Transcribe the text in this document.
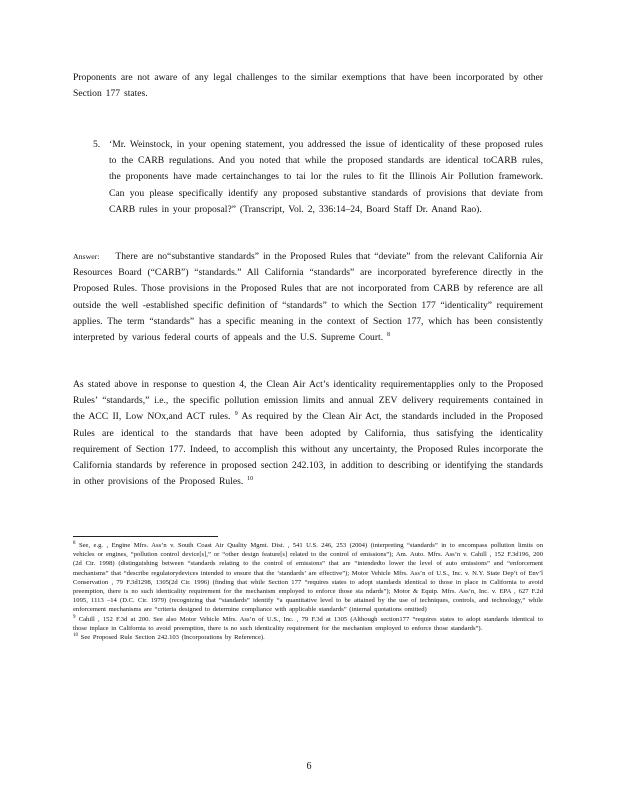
Proponents are not aware of any legal challenges to the similar exemptions that have been incorporated by other Section 177 states.

5. ‘Mr. Weinstock, in your opening statement, you addressed the issue of identicality of these proposed rules to the CARB regulations. And you noted that while the proposed standards are identical toCARB rules, the proponents have made certainchanges to tai lor the rules to fit the Illinois Air Pollution framework. Can you please specifically identify any proposed substantive standards of provisions that deviate from CARB rules in your proposal?” (Transcript, Vol. 2, 336:14–24, Board Staff Dr. Anand Rao).

Answer: There are no“substantive standards” in the Proposed Rules that “deviate” from the relevant California Air Resources Board (“CARB”) “standards.” All California “standards” are incorporated byreference directly in the Proposed Rules. Those provisions in the Proposed Rules that are not incorporated from CARB by reference are all outside the well -established specific definition of “standards” to which the Section 177 “identicality” requirement applies. The term “standards” has a specific meaning in the context of Section 177, which has been consistently interpreted by various federal courts of appeals and the U.S. Supreme Court. $^8$

As stated above in response to question 4, the Clean Air Act’s identicality requirementapplies only to the Proposed Rules’ “standards,” i.e., the specific pollution emission limits and annual ZEV delivery requirements contained in the ACC II, Low NOx,and ACT rules. $^9$ As required by the Clean Air Act, the standards included in the Proposed Rules are identical to the standards that have been adopted by California, thus satisfying the identicality requirement of Section 177. Indeed, to accomplish this without any uncertainty, the Proposed Rules incorporate the California standards by reference in proposed section 242.103, in addition to describing or identifying the standards in other provisions of the Proposed Rules. $^{10}$

$^8$ See, e.g. , Engine Mfrs. Ass’n v. South Coast Air Quality Mgmt. Dist. , 541 U.S. 246, 253 (2004) (interpreting “standards” in to encompass pollution limits on vehicles or engines, “pollution control device[s],” or “other design feature[s] related to the control of emissions”); Am. Auto. Mfrs. Ass’n v. Cahill , 152 F.3d196, 200 (2d Cir. 1998) (distinguishing between “standards relating to the control of emissions” that are “intendedto lower the level of auto emissions” and “enforcement mechanisms” that “describe regulatorydevices intended to ensure that the ‘standards’ are effective”); Motor Vehicle Mfrs. Ass’n of U.S., Inc. v. N.Y. State Dep’t of Env’l Conservation , 79 F.3d1298, 1305(2d Cir. 1996) (finding that while Section 177 “requires states to adopt standards identical to those in place in California to avoid preemption, there is no such identicality requirement for the mechanism employed to enforce those sta ndards”); Motor & Equip. Mfrs. Ass’n, Inc. v. EPA , 627 F.2d 1095, 1113 –14 (D.C. Cir. 1979) (recognizing that “standards” identify “a quantitative level to be attained by the use of techniques, controls, and technology,” while enforcement mechanisms are “criteria designed to determine compliance with applicable standards” (internal quotations omitted)

$^9$ Cahill , 152 F.3d at 200. See also Motor Vehicle Mfrs. Ass’n of U.S., Inc. , 79 F.3d at 1305 (Although section177 “requires states to adopt standards identical to those inplace in California to avoid preemption, there is no such identicality requirement for the mechanism employed to enforce those standards”).

$^{10}$ See Proposed Rule Section 242.103 (Incorporations by Reference).

6
